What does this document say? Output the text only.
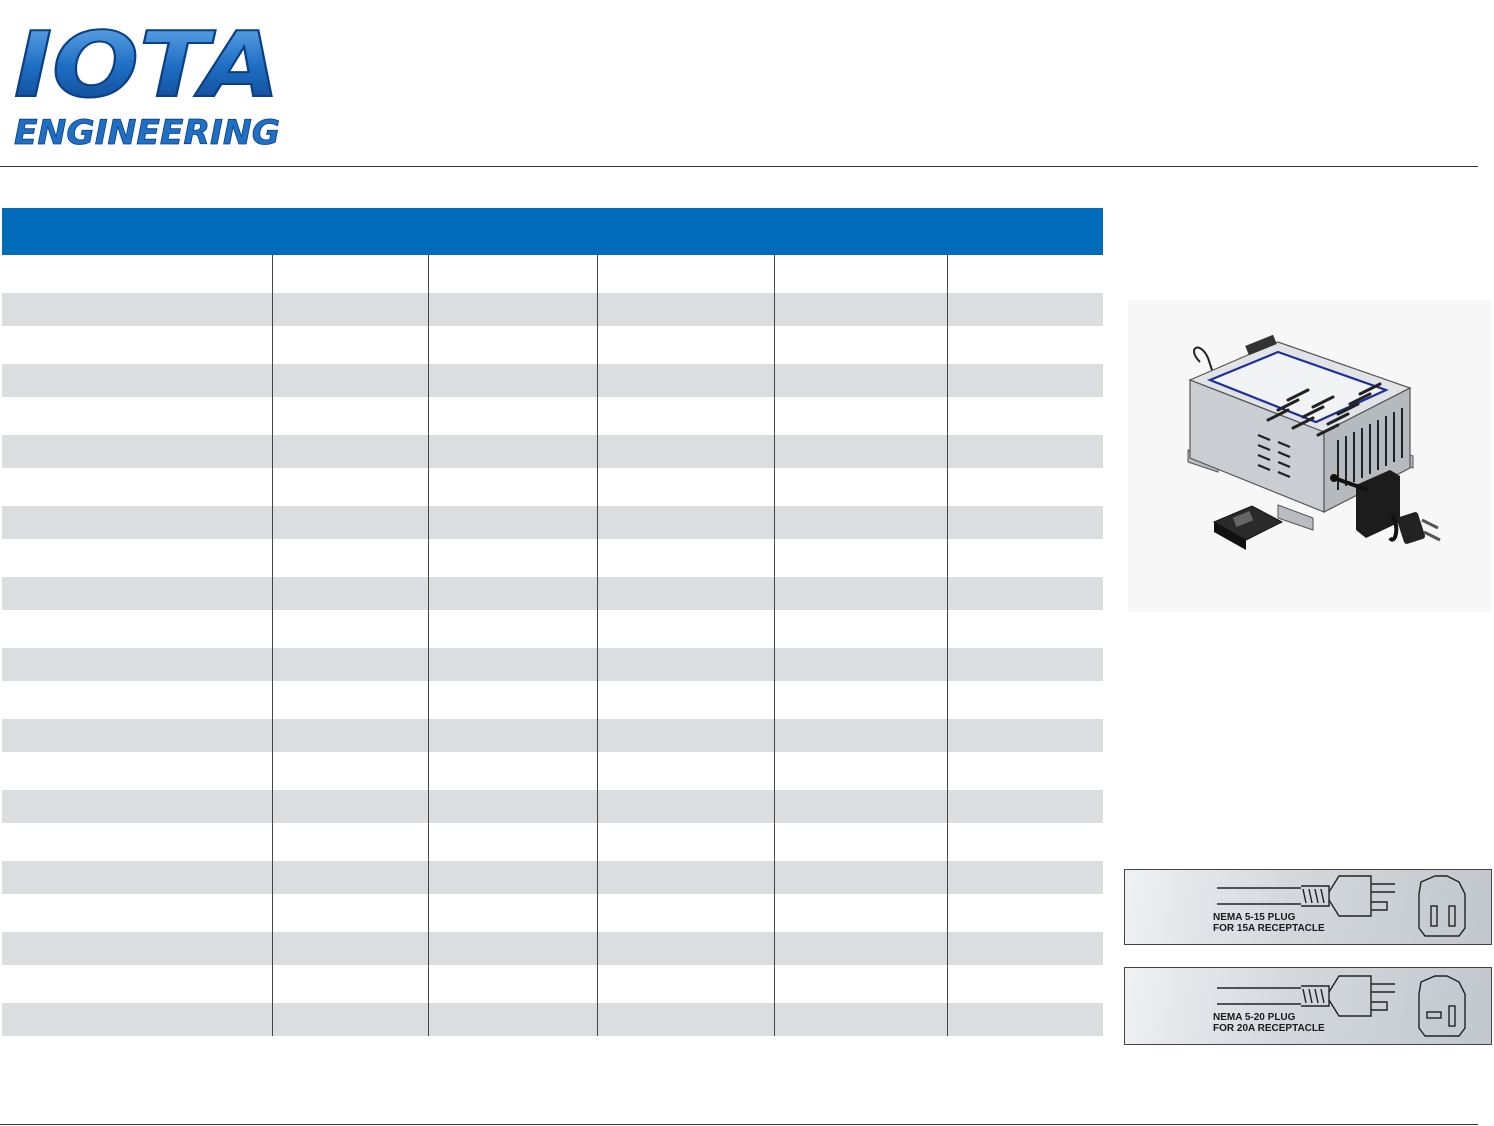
IOTA
ENGINEERING
NEMA 5-15 PLUG
FOR 15A RECEPTACLE
NEMA 5-20 PLUG
FOR 20A RECEPTACLE
